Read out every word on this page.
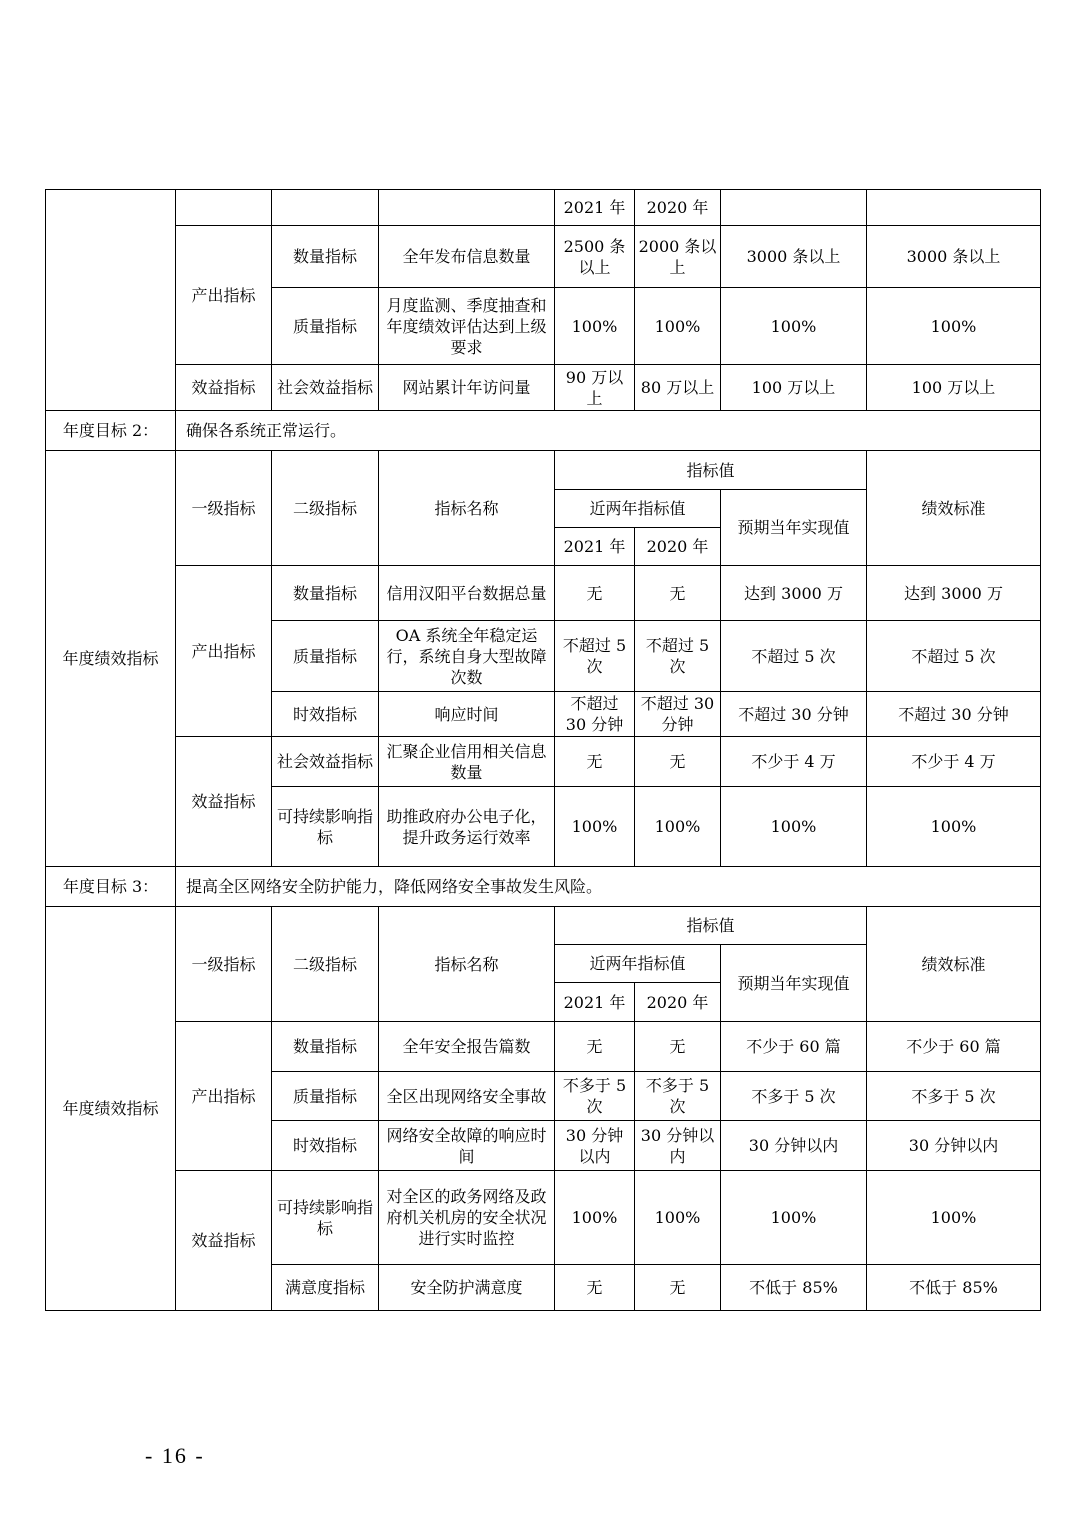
				2021 年	2020 年		
	产出指标	数量指标	全年发布信息数量	2500 条以上	2000 条以上	3000 条以上	3000 条以上
		质量指标	月度监测、季度抽查和年度绩效评估达到上级要求	100%	100%	100%	100%
	效益指标	社会效益指标	网站累计年访问量	90 万以上	80 万以上	100 万以上	100 万以上

年度目标 2：	确保各系统正常运行。						
年度绩效指标	一级指标	二级指标	指标名称	指标值			绩效标准
				近两年指标值		预期当年实现值	
				2021 年	2020 年		
	产出指标	数量指标	信用汉阳平台数据总量	无	无	达到 3000 万	达到 3000 万
		质量指标	OA 系统全年稳定运行，系统自身大型故障次数	不超过 5 次	不超过 5 次	不超过 5 次	不超过 5 次
		时效指标	响应时间	不超过 30 分钟	不超过 30 分钟	不超过 30 分钟	不超过 30 分钟
	效益指标	社会效益指标	汇聚企业信用相关信息数量	无	无	不少于 4 万	不少于 4 万
		可持续影响指标	助推政府办公电子化，提升政务运行效率	100%	100%	100%	100%

年度目标 3：	提高全区网络安全防护能力，降低网络安全事故发生风险。						
年度绩效指标	一级指标	二级指标	指标名称	指标值			绩效标准
				近两年指标值		预期当年实现值	
				2021 年	2020 年		
	产出指标	数量指标	全年安全报告篇数	无	无	不少于 60 篇	不少于 60 篇
		质量指标	全区出现网络安全事故	不多于 5 次	不多于 5 次	不多于 5 次	不多于 5 次
		时效指标	网络安全故障的响应时间	30 分钟以内	30 分钟以内	30 分钟以内	30 分钟以内
	效益指标	可持续影响指标	对全区的政务网络及政府机关机房的安全状况进行实时监控	100%	100%	100%	100%
		满意度指标	安全防护满意度	无	无	不低于 85%	不低于 85%
- 16 -
